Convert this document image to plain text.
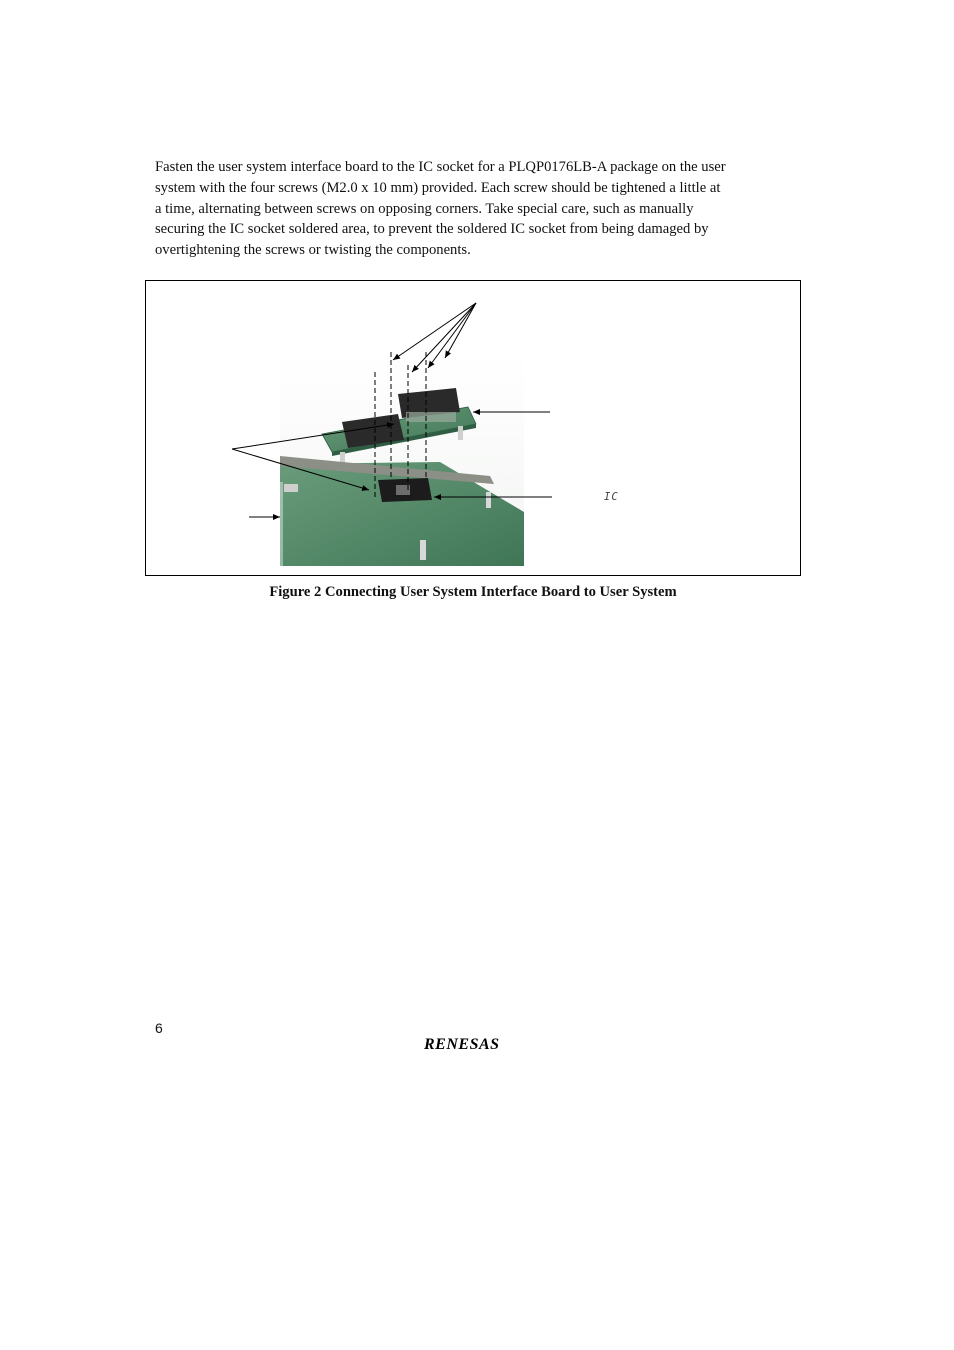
Fasten the user system interface board to the IC socket for a PLQP0176LB-A package on the user
system with the four screws (M2.0 x 10 mm) provided. Each screw should be tightened a little at
a time, alternating between screws on opposing corners. Take special care, such as manually
securing the IC socket soldered area, to prevent the soldered IC socket from being damaged by
overtightening the screws or twisting the components.
IC
Figure 2 Connecting User System Interface Board to User System
6
RENESAS
